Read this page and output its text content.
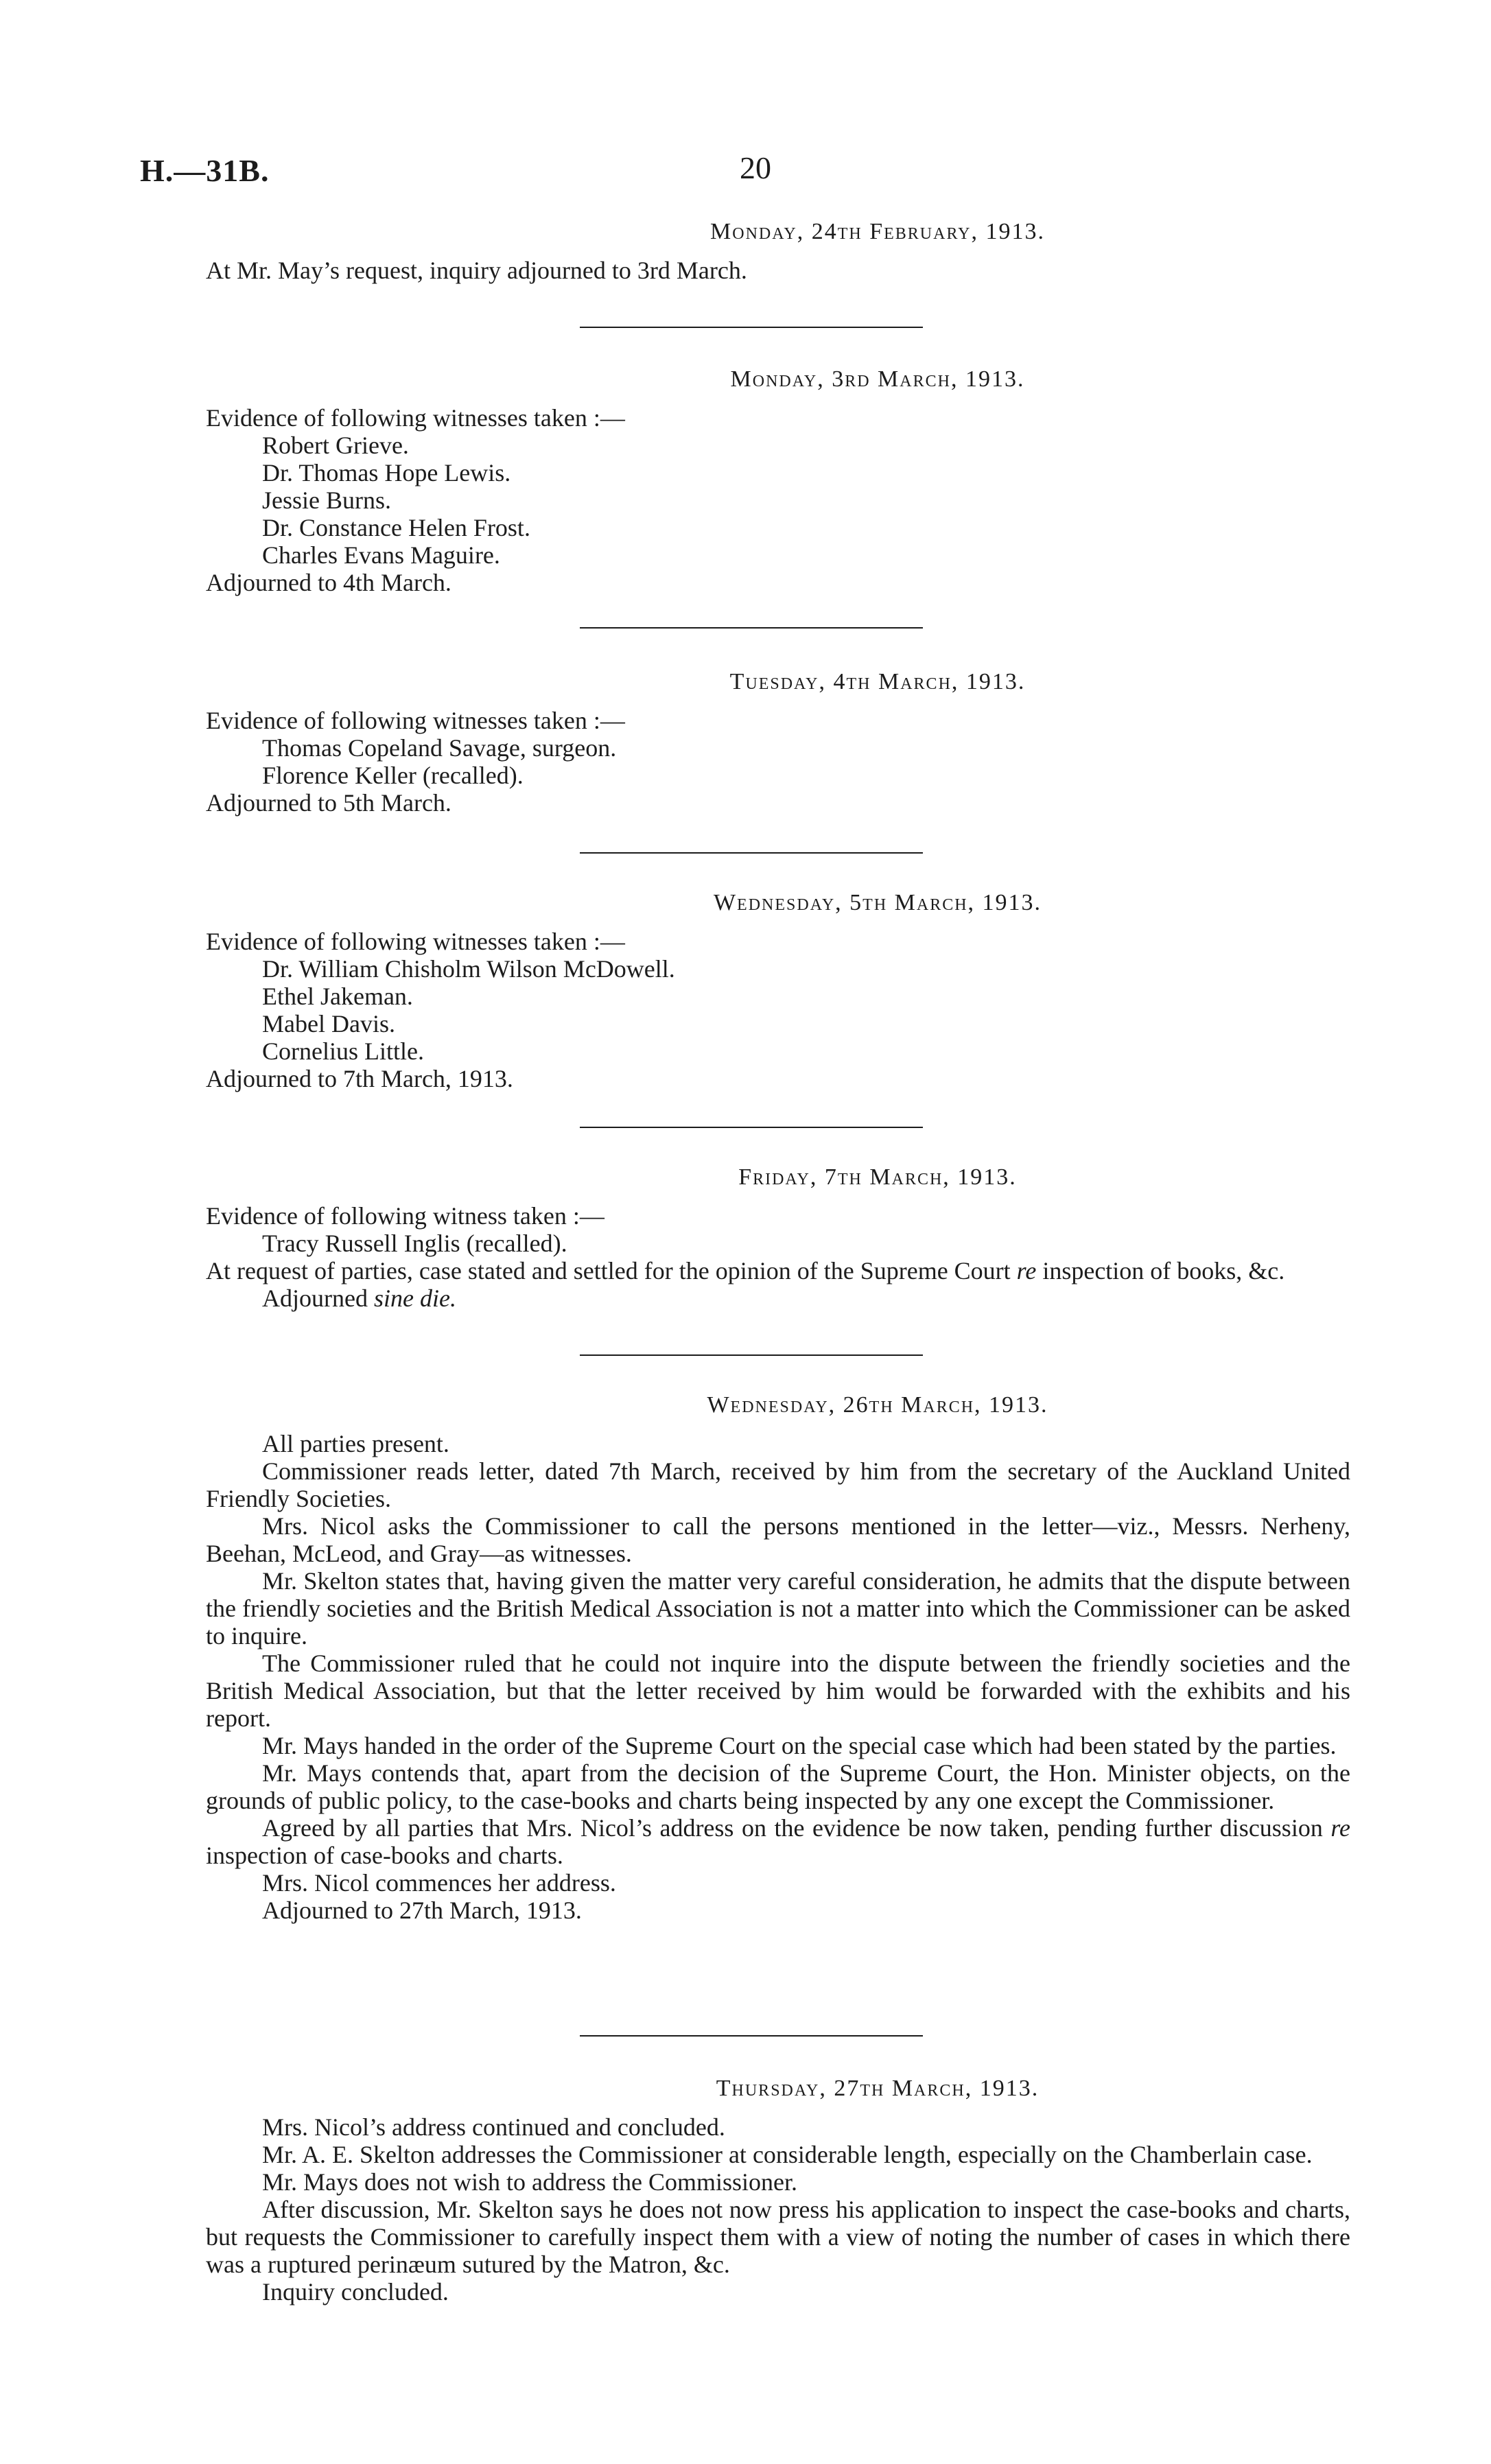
H.—31B.	20
Monday, 24th February, 1913.

At Mr. May’s request, inquiry adjourned to 3rd March.

Monday, 3rd March, 1913.

Evidence of following witnesses taken :—

Robert Grieve.
Dr. Thomas Hope Lewis.
Jessie Burns.
Dr. Constance Helen Frost.
Charles Evans Maguire.

Adjourned to 4th March.

Tuesday, 4th March, 1913.

Evidence of following witnesses taken :—

Thomas Copeland Savage, surgeon.
Florence Keller (recalled).

Adjourned to 5th March.

Wednesday, 5th March, 1913.

Evidence of following witnesses taken :—

Dr. William Chisholm Wilson McDowell.
Ethel Jakeman.
Mabel Davis.
Cornelius Little.

Adjourned to 7th March, 1913.

Friday, 7th March, 1913.

Evidence of following witness taken :—

Tracy Russell Inglis (recalled).

At request of parties, case stated and settled for the opinion of the Supreme Court re inspection of books, &c.

Adjourned sine die.

Wednesday, 26th March, 1913.

All parties present.

Commissioner reads letter, dated 7th March, received by him from the secretary of the Auckland United Friendly Societies.

Mrs. Nicol asks the Commissioner to call the persons mentioned in the letter—viz., Messrs. Nerheny, Beehan, McLeod, and Gray—as witnesses.

Mr. Skelton states that, having given the matter very careful consideration, he admits that the dispute between the friendly societies and the British Medical Association is not a matter into which the Commissioner can be asked to inquire.

The Commissioner ruled that he could not inquire into the dispute between the friendly societies and the British Medical Association, but that the letter received by him would be forwarded with the exhibits and his report.

Mr. Mays handed in the order of the Supreme Court on the special case which had been stated by the parties.

Mr. Mays contends that, apart from the decision of the Supreme Court, the Hon. Minister objects, on the grounds of public policy, to the case-books and charts being inspected by any one except the Commissioner.

Agreed by all parties that Mrs. Nicol’s address on the evidence be now taken, pending further discussion re inspection of case-books and charts.

Mrs. Nicol commences her address.

Adjourned to 27th March, 1913.

Thursday, 27th March, 1913.

Mrs. Nicol’s address continued and concluded.

Mr. A. E. Skelton addresses the Commissioner at considerable length, especially on the Chamberlain case.

Mr. Mays does not wish to address the Commissioner.

After discussion, Mr. Skelton says he does not now press his application to inspect the case-books and charts, but requests the Commissioner to carefully inspect them with a view of noting the number of cases in which there was a ruptured perinæum sutured by the Matron, &c.

Inquiry concluded.
